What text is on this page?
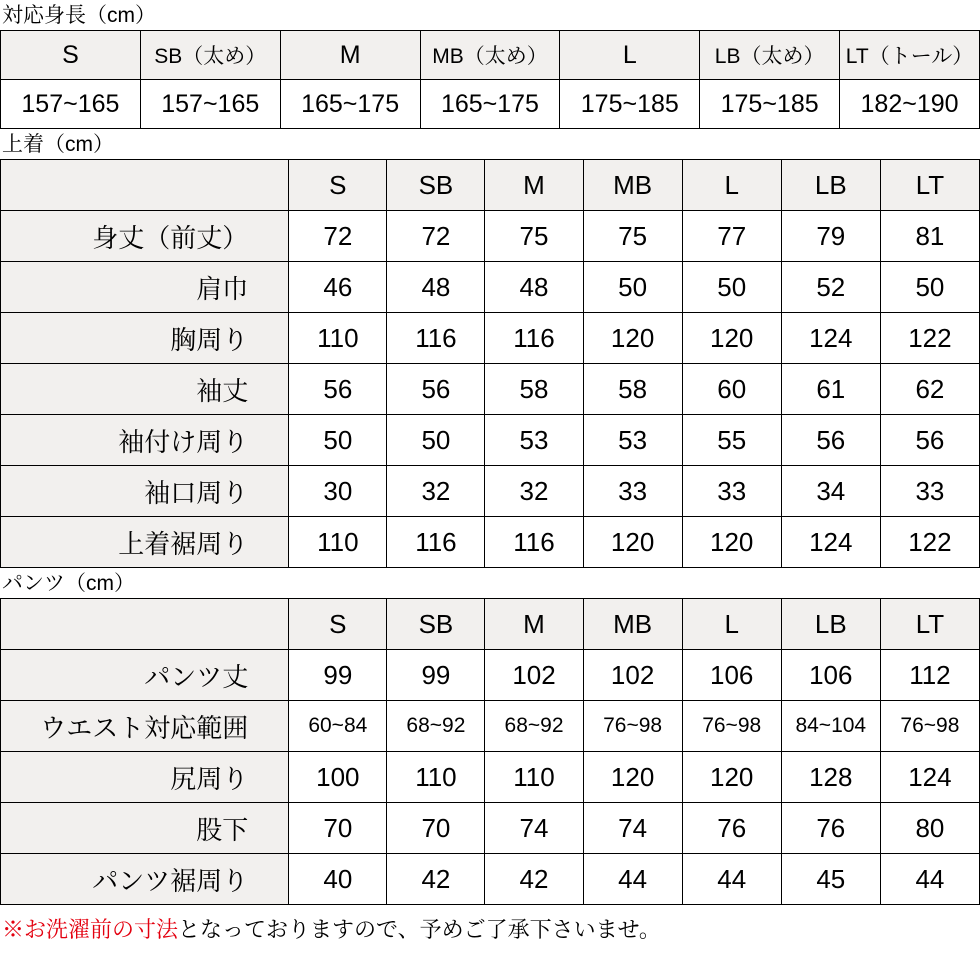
対応身長（cm）
S	SB（太め）	M	MB（太め）	L	LB（太め）	LT（トール）
157~165	157~165	165~175	165~175	175~185	175~185	182~190
上着（cm）
	S	SB	M	MB	L	LB	LT
身丈（前丈）	72	72	75	75	77	79	81
肩巾	46	48	48	50	50	52	50
胸周り	110	116	116	120	120	124	122
袖丈	56	56	58	58	60	61	62
袖付け周り	50	50	53	53	55	56	56
袖口周り	30	32	32	33	33	34	33
上着裾周り	110	116	116	120	120	124	122
パンツ（cm）
	S	SB	M	MB	L	LB	LT
パンツ丈	99	99	102	102	106	106	112
ウエスト対応範囲	60~84	68~92	68~92	76~98	76~98	84~104	76~98
尻周り	100	110	110	120	120	128	124
股下	70	70	74	74	76	76	80
パンツ裾周り	40	42	42	44	44	45	44
※お洗濯前の寸法となっておりますので、予めご了承下さいませ。
